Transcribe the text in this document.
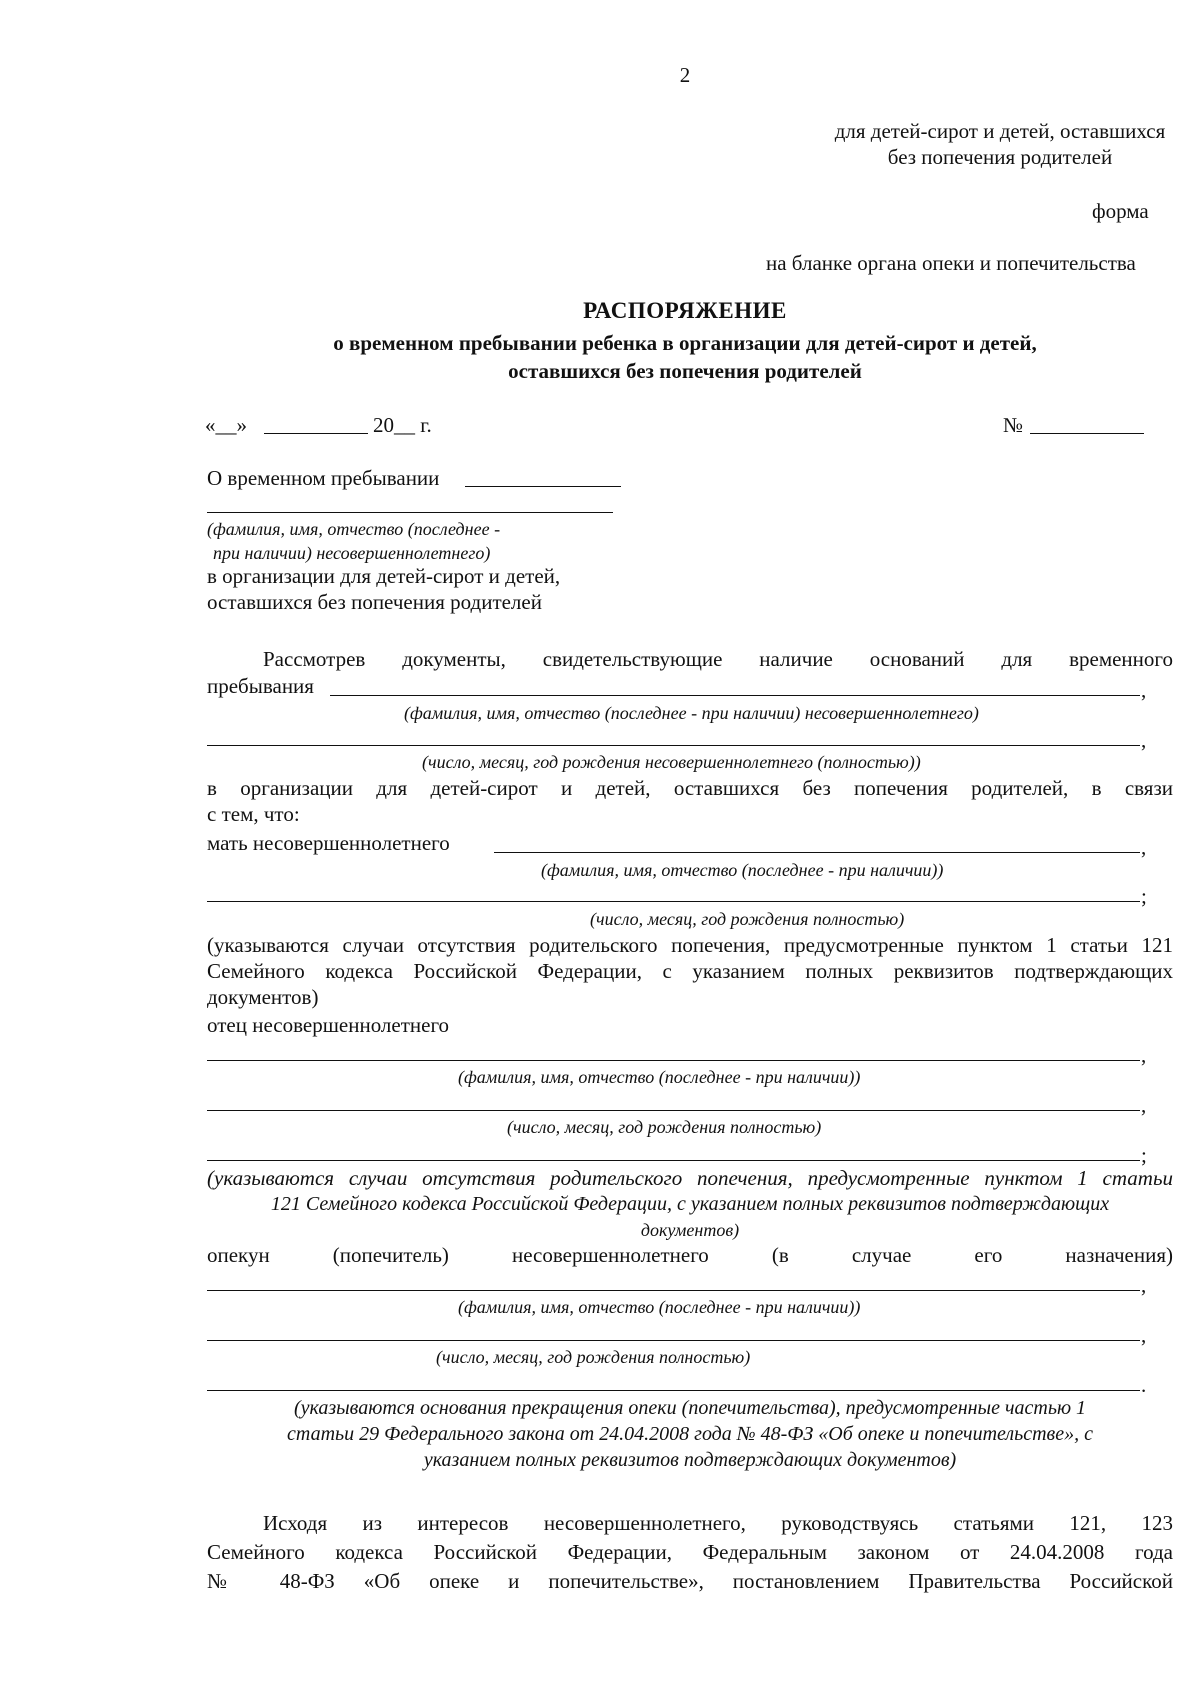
2
для детей-сирот и детей, оставшихся
без попечения родителей
форма
на бланке органа опеки и попечительства
РАСПОРЯЖЕНИЕ
о временном пребывании ребенка в организации для детей-сирот и детей,
оставшихся без попечения родителей
«__»	20__ г.	№
О временном пребывании
(фамилия, имя, отчество (последнее -
при наличии) несовершеннолетнего)
в организации для детей-сирот и детей,
оставшихся без попечения родителей
Рассмотрев документы, свидетельствующие наличие оснований для временного
пребывания	,
(фамилия, имя, отчество (последнее - при наличии) несовершеннолетнего)
,
(число, месяц, год рождения несовершеннолетнего (полностью))
в организации для детей-сирот и детей, оставшихся без попечения родителей, в связи
с тем, что:
мать несовершеннолетнего	,
(фамилия, имя, отчество (последнее - при наличии))
;
(число, месяц, год рождения полностью)
(указываются случаи отсутствия родительского попечения, предусмотренные пунктом 1 статьи 121
Семейного кодекса Российской Федерации, с указанием полных реквизитов подтверждающих
документов)
отец несовершеннолетнего
,
(фамилия, имя, отчество (последнее - при наличии))
,
(число, месяц, год рождения полностью)
;
(указываются случаи отсутствия родительского попечения, предусмотренные пунктом 1 статьи
121 Семейного кодекса Российской Федерации, с указанием полных реквизитов подтверждающих
документов)
опекун (попечитель) несовершеннолетнего (в случае его назначения)
,
(фамилия, имя, отчество (последнее - при наличии))
,
(число, месяц, год рождения полностью)
.
(указываются основания прекращения опеки (попечительства), предусмотренные частью 1
статьи 29 Федерального закона от 24.04.2008 года № 48-ФЗ «Об опеке и попечительстве», с
указанием полных реквизитов подтверждающих документов)
Исходя из интересов несовершеннолетнего, руководствуясь статьями 121, 123
Семейного кодекса Российской Федерации, Федеральным законом от 24.04.2008 года
№ 48-ФЗ «Об опеке и попечительстве», постановлением Правительства Российской
